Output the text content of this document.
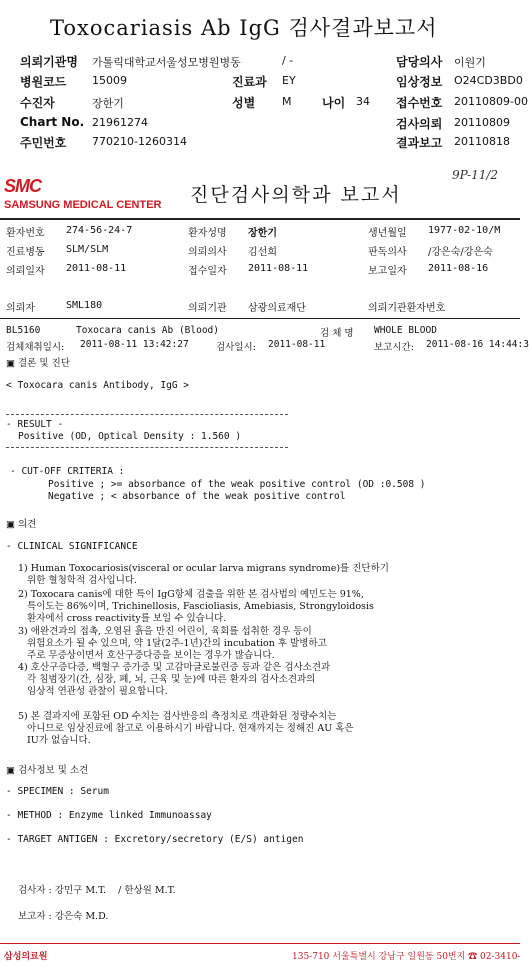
Toxocariasis Ab IgG 검사결과보고서
의뢰기관명 가톨릭대학교서울성모병원병동	/ -
병원코드 15009	진료과 EY
수진자	장한기	성별 M	나이 34
Chart No. 21961274
주민번호 770210-1260314
담당의사 이원기
임상정보 O24CD3BD0
접수번호 20110809-00
검사의뢰 20110809
결과보고 20110818
SMC
SAMSUNG MEDICAL CENTER 진단검사의학과 보고서
9P-11/2
환자번호 274-56-24-7	환자성명 장한기	생년월일 1977-02-10/M
진료병동 SLM/SLM	의뢰의사 김선희	판독의사 /강은숙/강은숙
의뢰일자 2011-08-11	접수일자 2011-08-11	보고일자 2011-08-16
의뢰자	SML180	의뢰기관 삼광의료재단	의뢰기관환자번호
BL5160	Toxocara canis Ab (Blood)	검 체 명 WHOLE BLOOD
검체채취일시: 2011-08-11 13:42:27	검사일시: 2011-08-11	보고시간: 2011-08-16 14:44:3
▣ 결론 및 진단
< Toxocara canis Antibody, IgG >
- RESULT -
Positive (OD, Optical Density : 1.560 )
- CUT-OFF CRITERIA :
Positive ; >= absorbance of the weak positive control (OD :0.508 )
Negative ; < absorbance of the weak positive control
▣ 의견
- CLINICAL SIGNIFICANCE
1) Human Toxocariosis(visceral or ocular larva migrans syndrome)를 진단하기
위한 혈청학적 검사입니다.
2) Toxocara canis에 대한 특이 IgG항체 검출을 위한 본 검사법의 예민도는 91%,
특이도는 86%이며, Trichinellosis, Fascioliasis, Amebiasis, Strongyloidosis
환자에서 cross reactivity를 보일 수 있습니다.
3) 애완견과의 접촉, 오염된 흙을 만진 어린이, 육회를 섭취한 경우 등이
위험요소가 될 수 있으며, 약 1달(2주-1년)간의 incubation 후 발병하고
주로 무증상이면서 호산구증다증을 보이는 경우가 많습니다.
4) 호산구증다증, 백혈구 증가증 및 고감마글로불린증 등과 같은 검사소견과
각 침범장기(간, 심장, 폐, 뇌, 근육 및 눈)에 따른 환자의 검사소견과의
임상적 연관성 관찰이 필요합니다.
5) 본 결과지에 포함된 OD 수치는 검사반응의 측정치로 객관화된 정량수치는
아니므로 임상진료에 참고로 이용하시기 바랍니다. 현재까지는 정해진 AU 혹은
IU가 없습니다.
▣ 검사정보 및 소견
- SPECIMEN : Serum
- METHOD : Enzyme linked Immunoassay
- TARGET ANTIGEN : Excretory/secretory (E/S) antigen
검사자 : 강민구 M.T.    / 한상원 M.T.
보고자 : 강은숙 M.D.
삼성의료원	135-710 서울특별시 강남구 일원동 50번지 ☎ 02-3410-
